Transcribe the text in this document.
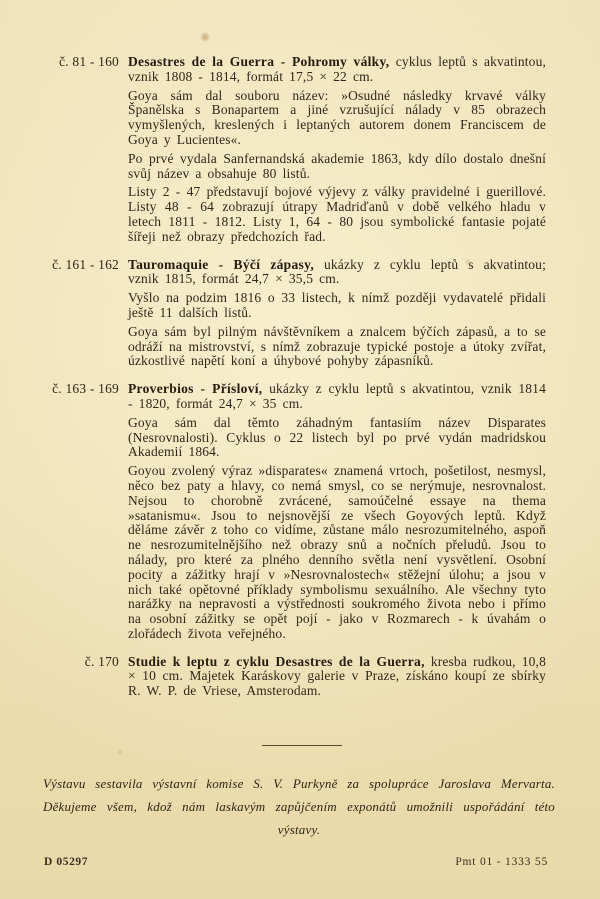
č. 81 - 160 Desastres de la Guerra - Pohromy války, cyklus leptů s akvatintou, vznik 1808 - 1814, formát 17,5 × 22 cm.

Goya sám dal souboru název: »Osudné následky krvavé války Španělska s Bonapartem a jiné vzrušující nálady v 85 obrazech vymyšlených, kreslených i leptaných autorem donem Franciscem de Goya y Lucientes«.

Po prvé vydala Sanfernandská akademie 1863, kdy dílo dostalo dnešní svůj název a obsahuje 80 listů.

Listy 2 - 47 představují bojové výjevy z války pravidelné i guerillové. Listy 48 - 64 zobrazují útrapy Madriďanů v době velkého hladu v letech 1811 - 1812. Listy 1, 64 - 80 jsou symbolické fantasie pojaté šířeji než obrazy předchozích řad.

č. 161 - 162 Tauromaquie - Býčí zápasy, ukázky z cyklu leptů s akvatintou; vznik 1815, formát 24,7 × 35,5 cm.

Vyšlo na podzim 1816 o 33 listech, k nímž později vydavatelé přidali ještě 11 dalších listů.

Goya sám byl pilným návštěvníkem a znalcem býčích zápasů, a to se odráží na mistrovství, s nímž zobrazuje typické postoje a útoky zvířat, úzkostlivé napětí koní a úhybové pohyby zápasníků.

č. 163 - 169 Proverbios - Přísloví, ukázky z cyklu leptů s akvatintou, vznik 1814 - 1820, formát 24,7 × 35 cm.

Goya sám dal těmto záhadným fantasiím název Disparates (Nesrovnalosti). Cyklus o 22 listech byl po prvé vydán madridskou Akademií 1864.

Goyou zvolený výraz »disparates« znamená vrtoch, pošetilost, nesmysl, něco bez paty a hlavy, co nemá smysl, co se nerýmuje, nesrovnalost. Nejsou to chorobně zvrácené, samoúčelné essaye na thema »satanismu«. Jsou to nejsnovější ze všech Goyových leptů. Když děláme závěr z toho co vidíme, zůstane málo nesrozumitelného, aspoň ne nesrozumitelnějšího než obrazy snů a nočních přeludů. Jsou to nálady, pro které za plného denního světla není vysvětlení. Osobní pocity a zážitky hrají v »Nesrovnalostech« stěžejní úlohu; a jsou v nich také opětovné příklady symbolismu sexuálního. Ale všechny tyto narážky na nepravosti a výstřednosti soukromého života nebo i přímo na osobní zážitky se opět pojí - jako v Rozmarech - k úvahám o zlořádech života veřejného.

č. 170 Studie k leptu z cyklu Desastres de la Guerra, kresba rudkou, 10,8 × 10 cm. Majetek Karáskovy galerie v Praze, získáno koupí ze sbírky R. W. P. de Vriese, Amsterodam.

Výstavu sestavila výstavní komise S. V. Purkyně za spolupráce Jaroslava Mervarta.

Děkujeme všem, kdož nám laskavým zapůjčením exponátů umožnili uspořádání této výstavy.

D 05297	Pmt 01 - 1333 55
